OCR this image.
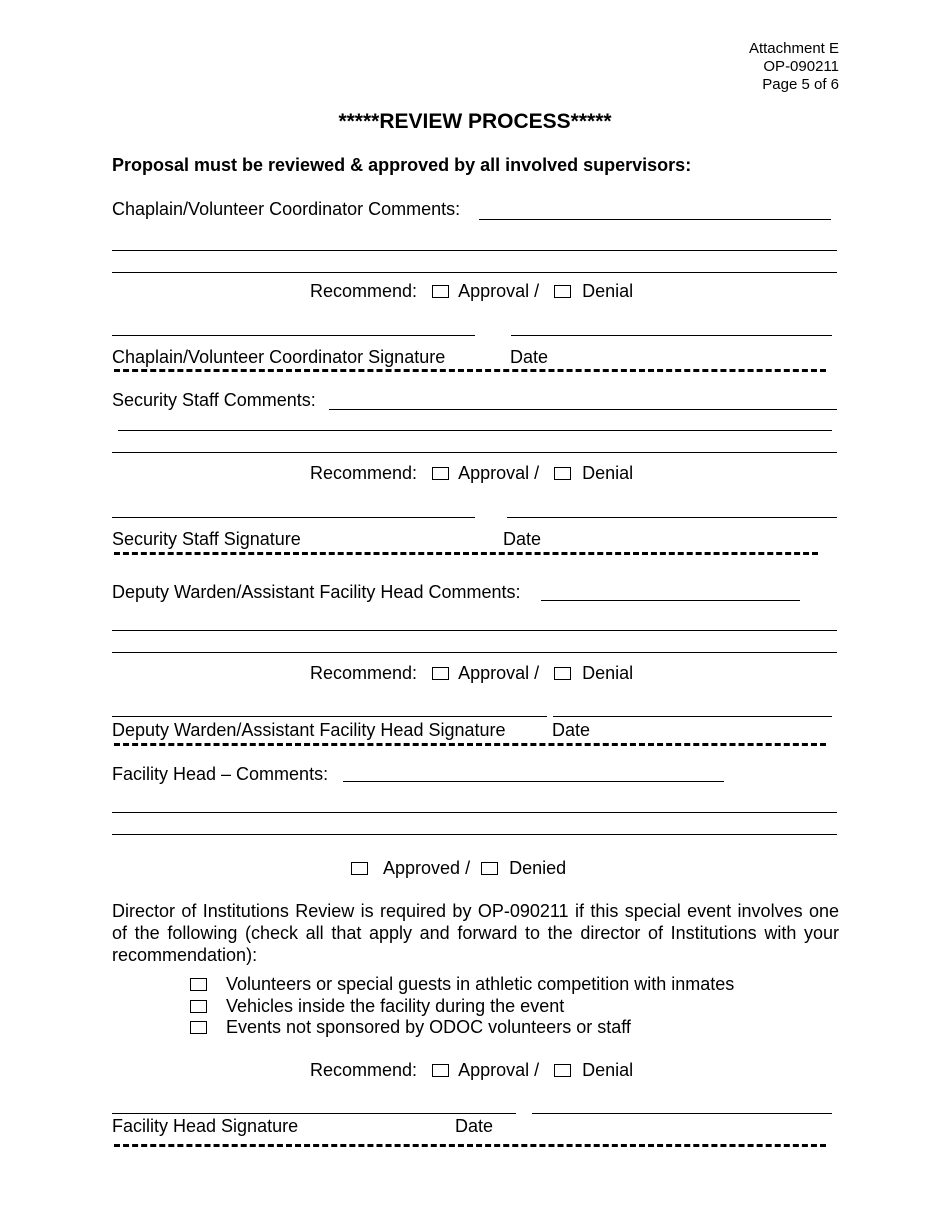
Attachment E
OP-090211
Page 5 of 6
*****REVIEW PROCESS*****
Proposal must be reviewed & approved by all involved supervisors:
Chaplain/Volunteer Coordinator Comments:
Recommend: Approval / Denial
Chaplain/Volunteer Coordinator Signature	Date
Security Staff Comments:
Recommend: Approval / Denial
Security Staff Signature	Date
Deputy Warden/Assistant Facility Head Comments:
Recommend: Approval / Denial
Deputy Warden/Assistant Facility Head Signature	Date
Facility Head – Comments:
Approved / Denied
Director of Institutions Review is required by OP-090211 if this special event involves one of the following (check all that apply and forward to the director of Institutions with your recommendation):
Volunteers or special guests in athletic competition with inmates
Vehicles inside the facility during the event
Events not sponsored by ODOC volunteers or staff
Recommend: Approval / Denial
Facility Head Signature	Date
